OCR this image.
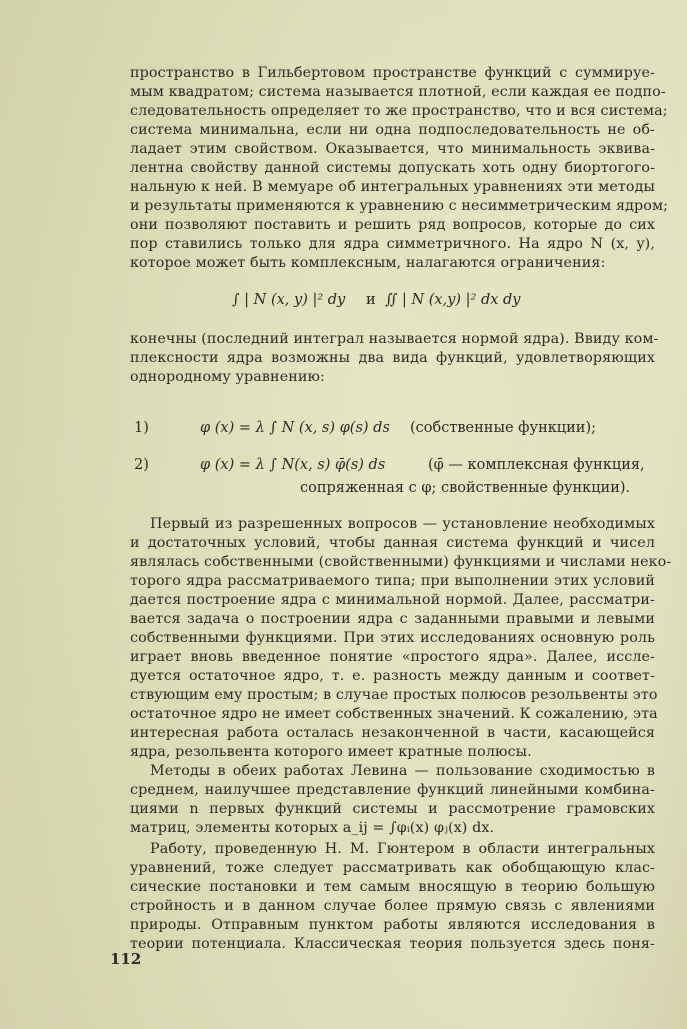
пространство в Гильбертовом пространстве функций с суммируе-
мым квадратом; система называется плотной, если каждая ее подпо-
следовательность определяет то же пространство, что и вся система;
система минимальна, если ни одна подпоследовательность не об-
ладает этим свойством. Оказывается, что минимальность эквива-
лентна свойству данной системы допускать хоть одну биортогого-
нальную к ней. В мемуаре об интегральных уравнениях эти методы
и результаты применяются к уравнению с несимметрическим ядром;
они позволяют поставить и решить ряд вопросов, которые до сих
пор ставились только для ядра симметричного. На ядро N (x, y),
которое может быть комплексным, налагаются ограничения:
∫ | N (x, y) |² dy и ∬ | N (x,y) |² dx dy
конечны (последний интеграл называется нормой ядра). Ввиду ком-
плексности ядра возможны два вида функций, удовлетворяющих
однородному уравнению:
1)	φ (x) = λ ∫ N (x, s) φ(s) ds (собственные функции);
2)	φ (x) = λ ∫ N(x, s) φ̄(s) ds	(φ̄ — комплексная функция,
сопряженная с φ; свойственные функции).
Первый из разрешенных вопросов — установление необходимых
и достаточных условий, чтобы данная система функций и чисел
являлась собственными (свойственными) функциями и числами неко-
торого ядра рассматриваемого типа; при выполнении этих условий
дается построение ядра с минимальной нормой. Далее, рассматри-
вается задача о построении ядра с заданными правыми и левыми
собственными функциями. При этих исследованиях основную роль
играет вновь введенное понятие «простого ядра». Далее, иссле-
дуется остаточное ядро, т. е. разность между данным и соответ-
ствующим ему простым; в случае простых полюсов резольвенты это
остаточное ядро не имеет собственных значений. К сожалению, эта
интересная работа осталась незаконченной в части, касающейся
ядра, резольвента которого имеет кратные полюсы.
Методы в обеих работах Левина — пользование сходимостью в
среднем, наилучшее представление функций линейными комбина-
циями n первых функций системы и рассмотрение грамовских
матриц, элементы которых a_ij = ∫φᵢ(x) φⱼ(x) dx.
Работу, проведенную Н. М. Гюнтером в области интегральных
уравнений, тоже следует рассматривать как обобщающую клас-
сические постановки и тем самым вносящую в теорию большую
стройность и в данном случае более прямую связь с явлениями
природы. Отправным пунктом работы являются исследования в
теории потенциала. Классическая теория пользуется здесь поня-
112
